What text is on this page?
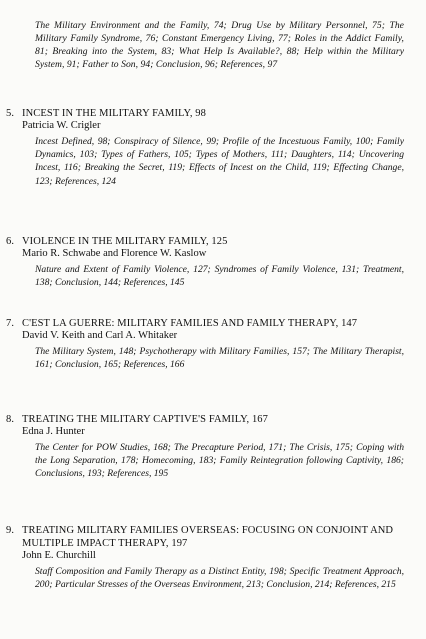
The Military Environment and the Family, 74; Drug Use by Military Personnel, 75; The Military Family Syndrome, 76; Constant Emergency Living, 77; Roles in the Addict Family, 81; Breaking into the System, 83; What Help Is Available?, 88; Help within the Military System, 91; Father to Son, 94; Conclusion, 96; References, 97

5. INCEST IN THE MILITARY FAMILY, 98
Patricia W. Crigler

Incest Defined, 98; Conspiracy of Silence, 99; Profile of the Incestuous Family, 100; Family Dynamics, 103; Types of Fathers, 105; Types of Mothers, 111; Daughters, 114; Uncovering Incest, 116; Breaking the Secret, 119; Effects of Incest on the Child, 119; Effecting Change, 123; References, 124

6. VIOLENCE IN THE MILITARY FAMILY, 125
Mario R. Schwabe and Florence W. Kaslow

Nature and Extent of Family Violence, 127; Syndromes of Family Violence, 131; Treatment, 138; Conclusion, 144; References, 145

7. C'EST LA GUERRE: MILITARY FAMILIES AND FAMILY THERAPY, 147
David V. Keith and Carl A. Whitaker

The Military System, 148; Psychotherapy with Military Families, 157; The Military Therapist, 161; Conclusion, 165; References, 166

8. TREATING THE MILITARY CAPTIVE'S FAMILY, 167
Edna J. Hunter

The Center for POW Studies, 168; The Precapture Period, 171; The Crisis, 175; Coping with the Long Separation, 178; Homecoming, 183; Family Reintegration following Captivity, 186; Conclusions, 193; References, 195

9. TREATING MILITARY FAMILIES OVERSEAS: FOCUSING ON CONJOINT AND MULTIPLE IMPACT THERAPY, 197
John E. Churchill

Staff Composition and Family Therapy as a Distinct Entity, 198; Specific Treatment Approach, 200; Particular Stresses of the Overseas Environment, 213; Conclusion, 214; References, 215
